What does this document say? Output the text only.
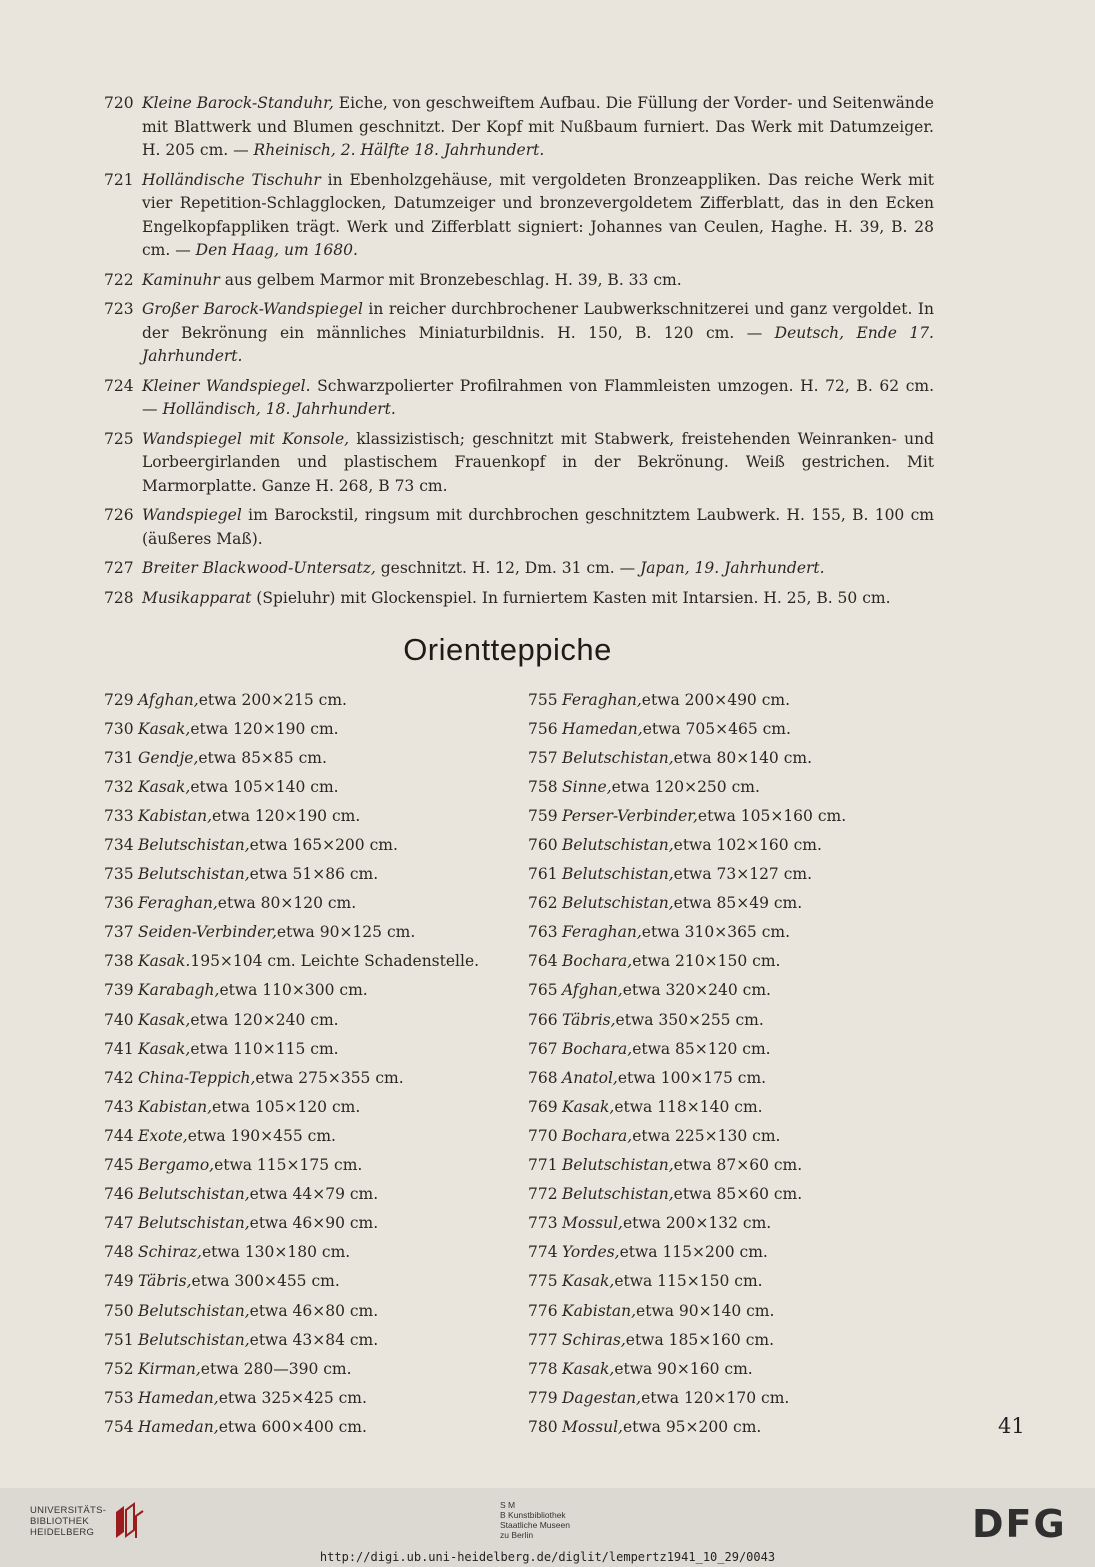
720 Kleine Barock-Standuhr, Eiche, von geschweiftem Aufbau. Die Füllung der Vorder- und Seitenwände mit Blattwerk und Blumen geschnitzt. Der Kopf mit Nußbaum furniert. Das Werk mit Datumzeiger. H. 205 cm. — Rheinisch, 2. Hälfte 18. Jahrhundert.
721 Holländische Tischuhr in Ebenholzgehäuse, mit vergoldeten Bronzeappliken. Das reiche Werk mit vier Repetition-Schlagglocken, Datumzeiger und bronzevergoldetem Zifferblatt, das in den Ecken Engelkopfappliken trägt. Werk und Zifferblatt signiert: Johannes van Ceulen, Haghe. H. 39, B. 28 cm. — Den Haag, um 1680.
722 Kaminuhr aus gelbem Marmor mit Bronzebeschlag. H. 39, B. 33 cm.
723 Großer Barock-Wandspiegel in reicher durchbrochener Laubwerkschnitzerei und ganz vergoldet. In der Bekrönung ein männliches Miniaturbildnis. H. 150, B. 120 cm. — Deutsch, Ende 17. Jahrhundert.
724 Kleiner Wandspiegel. Schwarzpolierter Profilrahmen von Flammleisten umzogen. H. 72, B. 62 cm. — Holländisch, 18. Jahrhundert.
725 Wandspiegel mit Konsole, klassizistisch; geschnitzt mit Stabwerk, freistehenden Weinranken- und Lorbeergirlanden und plastischem Frauenkopf in der Bekrönung. Weiß gestrichen. Mit Marmorplatte. Ganze H. 268, B 73 cm.
726 Wandspiegel im Barockstil, ringsum mit durchbrochen geschnitztem Laubwerk. H. 155, B. 100 cm (äußeres Maß).
727 Breiter Blackwood-Untersatz, geschnitzt. H. 12, Dm. 31 cm. — Japan, 19. Jahrhundert.
728 Musikapparat (Spieluhr) mit Glockenspiel. In furniertem Kasten mit Intarsien. H. 25, B. 50 cm.
Orientteppiche
729 Afghan, etwa 200×215 cm.
730 Kasak, etwa 120×190 cm.
731 Gendje, etwa 85×85 cm.
732 Kasak, etwa 105×140 cm.
733 Kabistan, etwa 120×190 cm.
734 Belutschistan, etwa 165×200 cm.
735 Belutschistan, etwa 51×86 cm.
736 Feraghan, etwa 80×120 cm.
737 Seiden-Verbinder, etwa 90×125 cm.
738 Kasak. 195×104 cm. Leichte Schadenstelle.
739 Karabagh, etwa 110×300 cm.
740 Kasak, etwa 120×240 cm.
741 Kasak, etwa 110×115 cm.
742 China-Teppich, etwa 275×355 cm.
743 Kabistan, etwa 105×120 cm.
744 Exote, etwa 190×455 cm.
745 Bergamo, etwa 115×175 cm.
746 Belutschistan, etwa 44×79 cm.
747 Belutschistan, etwa 46×90 cm.
748 Schiraz, etwa 130×180 cm.
749 Täbris, etwa 300×455 cm.
750 Belutschistan, etwa 46×80 cm.
751 Belutschistan, etwa 43×84 cm.
752 Kirman, etwa 280—390 cm.
753 Hamedan, etwa 325×425 cm.
754 Hamedan, etwa 600×400 cm.
755 Feraghan, etwa 200×490 cm.
756 Hamedan, etwa 705×465 cm.
757 Belutschistan, etwa 80×140 cm.
758 Sinne, etwa 120×250 cm.
759 Perser-Verbinder, etwa 105×160 cm.
760 Belutschistan, etwa 102×160 cm.
761 Belutschistan, etwa 73×127 cm.
762 Belutschistan, etwa 85×49 cm.
763 Feraghan, etwa 310×365 cm.
764 Bochara, etwa 210×150 cm.
765 Afghan, etwa 320×240 cm.
766 Täbris, etwa 350×255 cm.
767 Bochara, etwa 85×120 cm.
768 Anatol, etwa 100×175 cm.
769 Kasak, etwa 118×140 cm.
770 Bochara, etwa 225×130 cm.
771 Belutschistan, etwa 87×60 cm.
772 Belutschistan, etwa 85×60 cm.
773 Mossul, etwa 200×132 cm.
774 Yordes, etwa 115×200 cm.
775 Kasak, etwa 115×150 cm.
776 Kabistan, etwa 90×140 cm.
777 Schiras, etwa 185×160 cm.
778 Kasak, etwa 90×160 cm.
779 Dagestan, etwa 120×170 cm.
780 Mossul, etwa 95×200 cm.	41
UNIVERSITÄTS-
BIBLIOTHEK
HEIDELBERG
S M
B Kunstbibliothek
Staatliche Museen
zu Berlin	DFG
http://digi.ub.uni-heidelberg.de/diglit/lempertz1941_10_29/0043
